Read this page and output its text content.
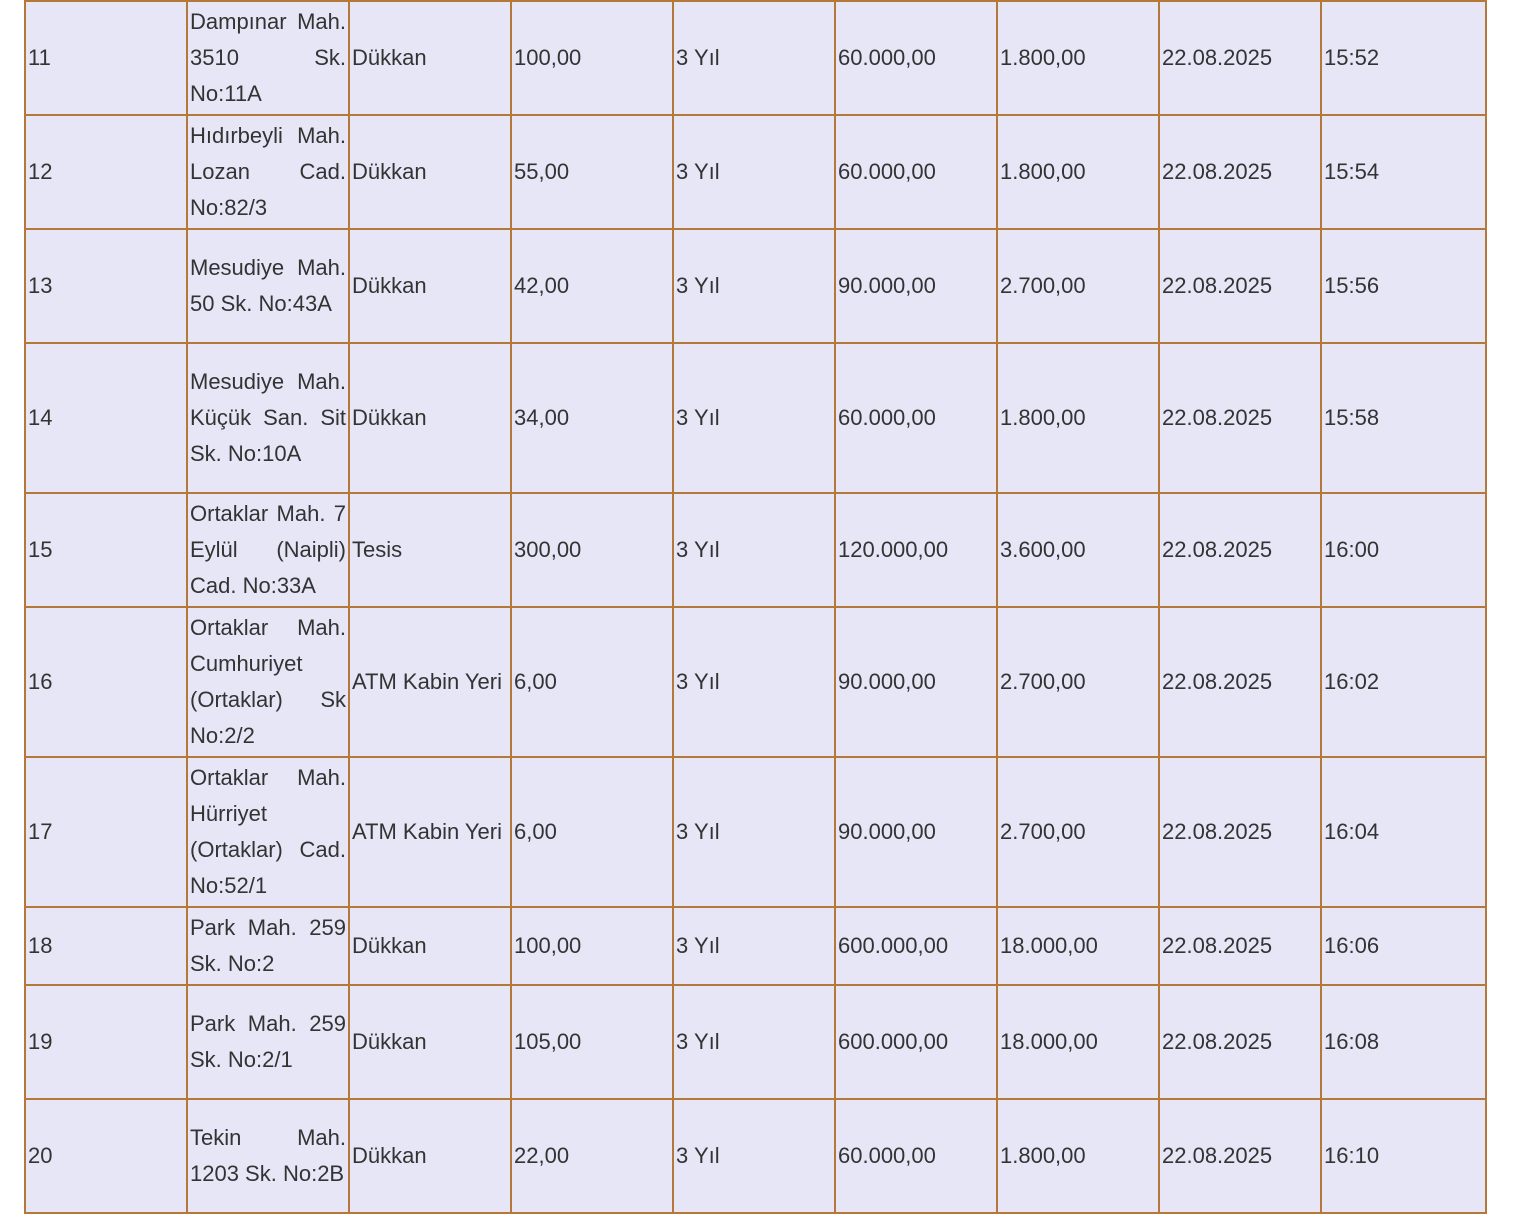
11	Dampınar Mah. 3510 Sk. No:11A	Dükkan	100,00	3 Yıl	60.000,00	1.800,00	22.08.2025	15:52
12	Hıdırbeyli Mah. Lozan Cad. No:82/3	Dükkan	55,00	3 Yıl	60.000,00	1.800,00	22.08.2025	15:54
13	Mesudiye Mah. 50 Sk. No:43A	Dükkan	42,00	3 Yıl	90.000,00	2.700,00	22.08.2025	15:56
14	Mesudiye Mah. Küçük San. Sit Sk. No:10A	Dükkan	34,00	3 Yıl	60.000,00	1.800,00	22.08.2025	15:58
15	Ortaklar Mah. 7 Eylül (Naipli) Cad. No:33A	Tesis	300,00	3 Yıl	120.000,00	3.600,00	22.08.2025	16:00
16	Ortaklar Mah. Cumhuriyet (Ortaklar) Sk No:2/2	ATM Kabin Yeri	6,00	3 Yıl	90.000,00	2.700,00	22.08.2025	16:02
17	Ortaklar Mah. Hürriyet (Ortaklar) Cad. No:52/1	ATM Kabin Yeri	6,00	3 Yıl	90.000,00	2.700,00	22.08.2025	16:04
18	Park Mah. 259 Sk. No:2	Dükkan	100,00	3 Yıl	600.000,00	18.000,00	22.08.2025	16:06
19	Park Mah. 259 Sk. No:2/1	Dükkan	105,00	3 Yıl	600.000,00	18.000,00	22.08.2025	16:08
20	Tekin Mah. 1203 Sk. No:2B	Dükkan	22,00	3 Yıl	60.000,00	1.800,00	22.08.2025	16:10
